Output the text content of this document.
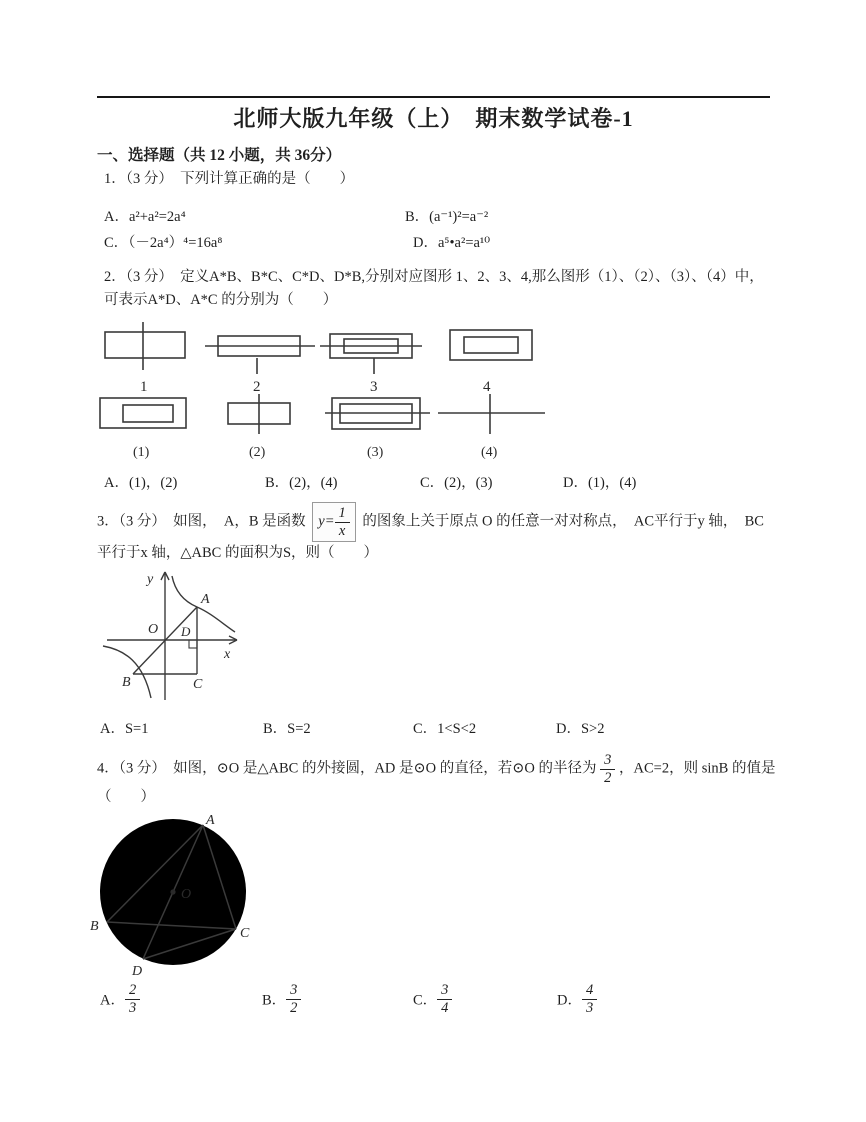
北师大版九年级（上）　期末数学试卷-1
一、选择题（共 12 小题，共 36分）

1．（3 分）　下列计算正确的是（　　）

A．a²+a²=2a⁴	B．(a⁻¹)²=a⁻²
C．（－2a⁴）⁴=16a⁸	D．a⁵•a²=a¹⁰

2．（3 分）　定义A*B、B*C、C*D、D*B,分别对应图形 1、2、3、4,那么图形（1）、（2）、（3）、（4）中，　可表示A*D、A*C 的分别为（　　）

1	2	3	4
(1)	(2)	(3)	(4)
A．(1)，(2)	B．(2)，(4)	C．(2)，(3)	D．(1)，(4)

3．（3 分）　如图，　A，B 是函数 $y= \frac{1}{x}$ 的图象上关于原点 O 的任意一对对称点，　AC平行于y 轴，　BC平行于x 轴，△ABC 的面积为S，则（　　）

y
A
O D
x
C
B
A．S=1	B．S=2	C．1<S<2	D．S>2

4．（3 分）　如图，⊙O 是△ABC 的外接圆，AD 是⊙O 的直径，若⊙O 的半径为 $\frac{3}{2}$ ，AC=2，则 sinB 的值是（　　）

A
O
B	C
D
A． $\frac{2}{3}$	B． $\frac{3}{2}$	C． $\frac{3}{4}$	D． $\frac{4}{3}$
